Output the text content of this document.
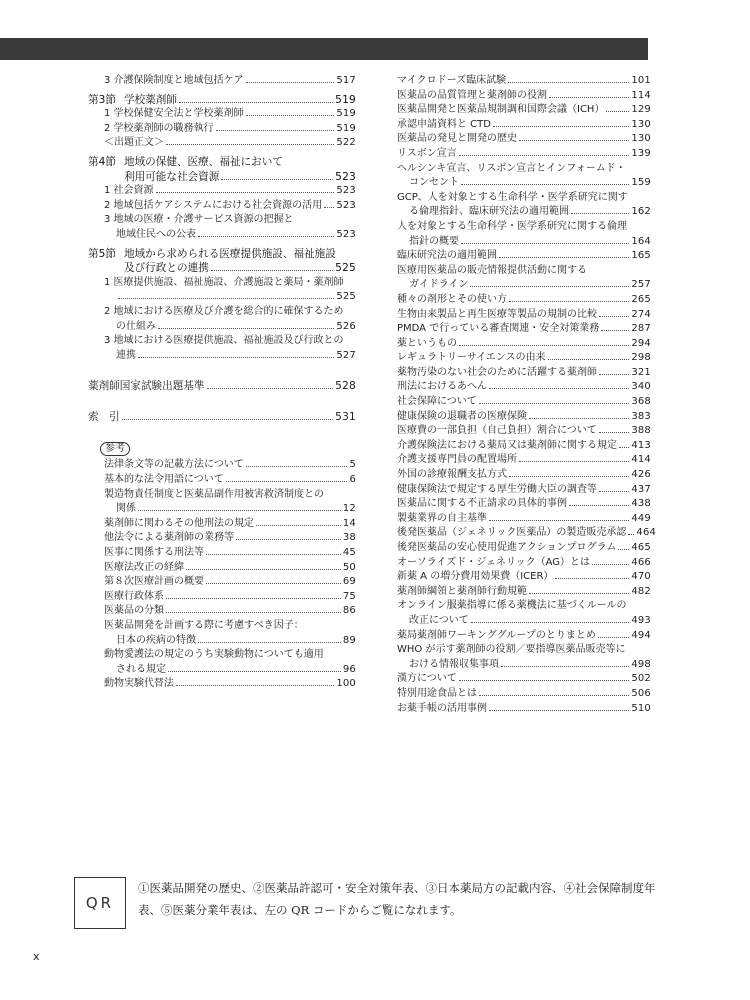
3 介護保険制度と地域包括ケア	517
第3節 学校薬剤師	519
1 学校保健安全法と学校薬剤師	519
2 学校薬剤師の職務執行	519
＜出題正文＞	522
第4節 地域の保健、医療、福祉において
利用可能な社会資源	523
1 社会資源	523
2 地域包括ケアシステムにおける社会資源の活用 523
3 地域の医療・介護サービス資源の把握と
地域住民への公表	523
第5節 地域から求められる医療提供施設、福祉施設
及び行政との連携	525
1 医療提供施設、福祉施設、介護施設と薬局・薬剤師
525
2 地域における医療及び介護を総合的に確保するため
の仕組み	526
3 地域における医療提供施設、福祉施設及び行政との
連携	527
薬剤師国家試験出題基準	528
索　引	531
参考
法律条文等の記載方法について	5
基本的な法令用語について	6
製造物責任制度と医薬品副作用被害救済制度との
関係	12
薬剤師に関わるその他刑法の規定	14
他法令による薬剤師の業務等	38
医事に関係する刑法等	45
医療法改正の経緯	50
第８次医療計画の概要	69
医療行政体系	75
医薬品の分類	86
医薬品開発を計画する際に考慮すべき因子：
日本の疾病の特徴	89
動物愛護法の規定のうち実験動物についても適用
される規定	96
動物実験代替法	100
マイクロドーズ臨床試験	101
医薬品の品質管理と薬剤師の役割	114
医薬品開発と医薬品規制調和国際会議（ICH）	129
承認申請資料と CTD	130
医薬品の発見と開発の歴史	130
リスボン宣言	139
ヘルシンキ宣言、リスボン宣言とインフォームド・
コンセント	159
GCP、人を対象とする生命科学・医学系研究に関す
る倫理指針、臨床研究法の適用範囲	162
人を対象とする生命科学・医学系研究に関する倫理
指針の概要	164
臨床研究法の適用範囲	165
医療用医薬品の販売情報提供活動に関する
ガイドライン	257
種々の剤形とその使い方	265
生物由来製品と再生医療等製品の規制の比較	274
PMDA で行っている審査関連・安全対策業務	287
薬というもの	294
レギュラトリーサイエンスの由来	298
薬物汚染のない社会のために活躍する薬剤師	321
刑法におけるあへん	340
社会保障について	368
健康保険の退職者の医療保険	383
医療費の一部負担（自己負担）割合について	388
介護保険法における薬局又は薬剤師に関する規定 413
介護支援専門員の配置場所	414
外国の診療報酬支払方式	426
健康保険法で規定する厚生労働大臣の調査等	437
医薬品に関する不正請求の具体的事例	438
製薬業界の自主基準	449
後発医薬品（ジェネリック医薬品）の製造販売承認 464
後発医薬品の安心使用促進アクションプログラム 465
オーソライズド・ジェネリック（AG）とは	466
新薬 A の増分費用効果費（ICER）	470
薬剤師綱領と薬剤師行動規範	482
オンライン服薬指導に係る薬機法に基づくルールの
改正について	493
薬局薬剤師ワーキンググループのとりまとめ	494
WHO が示す薬剤師の役割／要指導医薬品販売等に
おける情報収集事項	498
漢方について	502
特別用途食品とは	506
お薬手帳の活用事例	510
QR
①医薬品開発の歴史、②医薬品許認可・安全対策年表、③日本薬局方の記載内容、④社会保障制度年表、⑤医薬分業年表は、左の QR コードからご覧になれます。
x
